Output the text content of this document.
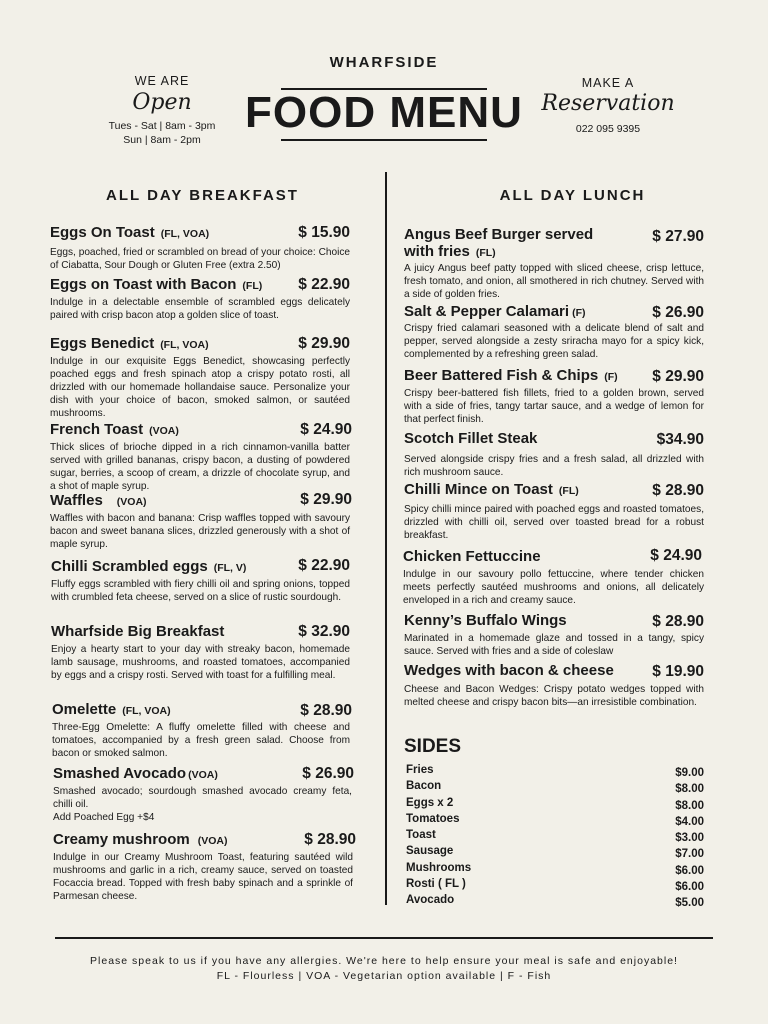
WHARFSIDE
FOOD MENU
WE ARE
Open
Tues - Sat | 8am - 3pm
Sun | 8am - 2pm
MAKE A
Reservation
022 095 9395
ALL DAY BREAKFAST	ALL DAY LUNCH
Eggs On Toast (FL, VOA)
Eggs, poached, fried or scrambled on bread of your choice: Choice of Ciabatta, Sour Dough or Gluten Free (extra 2.50)
$ 15.90
Eggs on Toast with Bacon (FL)
Indulge in a delectable ensemble of scrambled eggs delicately paired with crisp bacon atop a golden slice of toast.
$ 22.90
Eggs Benedict (FL, VOA)
Indulge in our exquisite Eggs Benedict, showcasing perfectly poached eggs and fresh spinach atop a crispy potato rosti, all drizzled with our homemade hollandaise sauce. Personalize your dish with your choice of bacon, smoked salmon, or sautéed mushrooms.
$ 29.90
French Toast (VOA)
Thick slices of brioche dipped in a rich cinnamon-vanilla batter served with grilled bananas, crispy bacon, a dusting of powdered sugar, berries, a scoop of cream, a drizzle of chocolate syrup, and a shot of maple syrup.
$ 24.90
Waffles (VOA)
Waffles with bacon and banana: Crisp waffles topped with savoury bacon and sweet banana slices, drizzled generously with a shot of maple syrup.
$ 29.90
Chilli Scrambled eggs (FL, V)
Fluffy eggs scrambled with fiery chilli oil and spring onions, topped with crumbled feta cheese, served on a slice of rustic sourdough.
$ 22.90
Wharfside Big Breakfast
Enjoy a hearty start to your day with streaky bacon, homemade lamb sausage, mushrooms, and roasted tomatoes, accompanied by eggs and a crispy rosti. Served with toast for a fulfilling meal.
$ 32.90
Omelette (FL, VOA)
Three-Egg Omelette: A fluffy omelette filled with cheese and tomatoes, accompanied by a fresh green salad. Choose from bacon or smoked salmon.
$ 28.90
Smashed Avocado (VOA)
Smashed avocado; sourdough smashed avocado creamy feta, chilli oil.
Add Poached Egg +$4
$ 26.90
Creamy mushroom (VOA)
Indulge in our Creamy Mushroom Toast, featuring sautéed wild mushrooms and garlic in a rich, creamy sauce, served on toasted Focaccia bread. Topped with fresh baby spinach and a sprinkle of Parmesan cheese.
$ 28.90
Angus Beef Burger served
with fries (FL)
A juicy Angus beef patty topped with sliced cheese, crisp lettuce, fresh tomato, and onion, all smothered in rich chutney. Served with a side of golden fries.
$ 27.90
Salt & Pepper Calamari (F)
Crispy fried calamari seasoned with a delicate blend of salt and pepper, served alongside a zesty sriracha mayo for a spicy kick, complemented by a refreshing green salad.
$ 26.90
Beer Battered Fish & Chips (F)
Crispy beer-battered fish fillets, fried to a golden brown, served with a side of fries, tangy tartar sauce, and a wedge of lemon for that perfect finish.
$ 29.90
Scotch Fillet Steak
Served alongside crispy fries and a fresh salad, all drizzled with rich mushroom sauce.
$34.90
Chilli Mince on Toast (FL)
Spicy chilli mince paired with poached eggs and roasted tomatoes, drizzled with chilli oil, served over toasted bread for a robust breakfast.
$ 28.90
Chicken Fettuccine
Indulge in our savoury pollo fettuccine, where tender chicken meets perfectly sautéed mushrooms and onions, all delicately enveloped in a rich and creamy sauce.
$ 24.90
Kenny’s Buffalo Wings
Marinated in a homemade glaze and tossed in a tangy, spicy sauce. Served with fries and a side of coleslaw
$ 28.90
Wedges with bacon & cheese
Cheese and Bacon Wedges: Crispy potato wedges topped with melted cheese and crispy bacon bits—an irresistible combination.
$ 19.90
SIDES
Fries	$9.00
Bacon	$8.00
Eggs x 2	$8.00
Tomatoes	$4.00
Toast	$3.00
Sausage	$7.00
Mushrooms	$6.00
Rosti ( FL )	$6.00
Avocado	$5.00
Please speak to us if you have any allergies. We're here to help ensure your meal is safe and enjoyable!
FL - Flourless | VOA - Vegetarian option available | F - Fish
